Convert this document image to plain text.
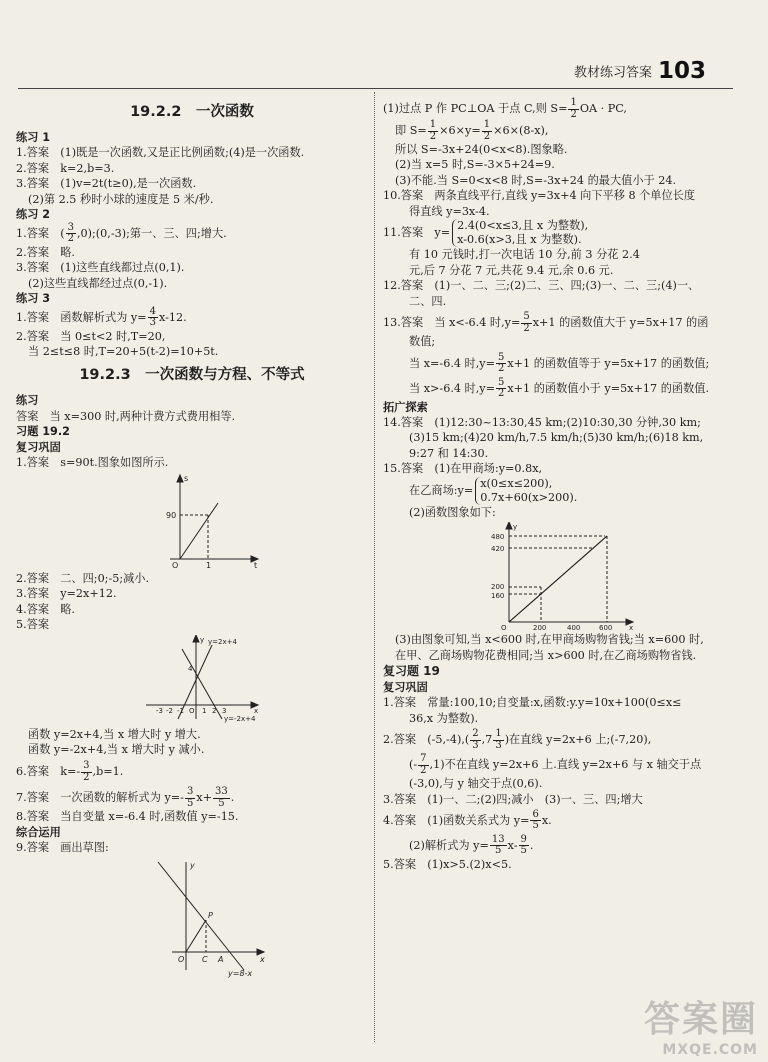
教材练习答案 103
19.2.2　一次函数

练习 1

1.答案　(1)既是一次函数,又是正比例函数;(4)是一次函数.

2.答案　k=2,b=3.

3.答案　(1)v=2t(t≥0),是一次函数.

(2)第 2.5 秒时小球的速度是 5 米/秒.

练习 2

1.答案　( $\frac{3}{2}$ ,0);(0,-3);第一、三、四;增大.

2.答案　略.

3.答案　(1)这些直线都过点(0,1).

(2)这些直线都经过点(0,-1).

练习 3

1.答案　函数解析式为 $y= \frac{4}{3} x-12$.

2.答案　当 0≤t<2 时,T=20,

当 2≤t≤8 时,T=20+5(t-2)=10+5t.

19.2.3　一次函数与方程、不等式

练习

答案　当 x=300 时,两种计费方式费用相等.

习题 19.2

复习巩固

1.答案　s=90t.图象如图所示.

90
O	1	t
s

2.答案　二、四;0;-5;减小.

3.答案　y=2x+12.

4.答案　略.

5.答案

y=2x+4
y=-2x+4
4
-3 -2 -1 O 1 2 3	x
y

函数 y=2x+4,当 x 增大时 y 增大.

函数 y=-2x+4,当 x 增大时 y 减小.

6.答案　$k=- \frac{3}{2} ,b=1$.

7.答案　一次函数的解析式为 $y=- \frac{3}{5} x+ \frac{33}{5}$ .

8.答案　当自变量 x=-6.4 时,函数值 y=-15.

综合运用

9.答案　画出草图:

P
O C A	x
y
y=8-x

(1)过点 P 作 PC⊥OA 于点 C,则 $S= \frac{1}{2}$ OA · PC,

即 $S= \frac{1}{2} \times 6\times y= \frac{1}{2} \times 6\times(8-x)$,

所以 S=-3x+24(0<x<8).图象略.

(2)当 x=5 时,S=-3×5+24=9.

(3)不能.当 S=0<x<8 时,S=-3x+24 的最大值小于 24.

10.答案　两条直线平行,直线 y=3x+4 向下平移 8 个单位长度

得直线 y=3x-4.

11.答案　 y=
2.4(0<x≤3,且 x 为整数),
x-0.6(x>3,且 x 为整数).

有 10 元钱时,打一次电话 10 分,前 3 分花 2.4

元,后 7 分花 7 元,共花 9.4 元,余 0.6 元.

12.答案　(1)一、二、三;(2)二、三、四;(3)一、二、三;(4)一、

二、四.

13.答案　当 x<-6.4 时$,y= \frac{5}{2} x+1$ 的函数值大于 y=5x+17 的函

数值;

当 x=-6.4 时$,y= \frac{5}{2} x+1$ 的函数值等于 y=5x+17 的函数值;

当 x>-6.4 时$,y= \frac{5}{2} x+1$ 的函数值小于 y=5x+17 的函数值.

拓广探索

14.答案　(1)12:30~13:30,45 km;(2)10:30,30 分钟,30 km;

(3)15 km;(4)20 km/h,7.5 km/h;(5)30 km/h;(6)18 km,

9:27 和 14:30.

15.答案　(1)在甲商场:y=0.8x,

在乙商场:y=
x(0≤x≤200),
0.7x+60(x>200).

(2)函数图象如下:

480
420
200
160
O	200	400	600 x
y

(3)由图象可知,当 x<600 时,在甲商场购物省钱;当 x=600 时,

在甲、乙商场购物花费相同;当 x>600 时,在乙商场购物省钱.

复习题 19

复习巩固

1.答案　常量:100,10;自变量:x,函数:y.y=10x+100(0≤x≤

36,x 为整数).

2.答案　$(-5,-4),( \frac{2}{3} ,7 \frac{1}{3}$ )在直线 y=2x+6 上;(-7,20),

(- $\frac{7}{2} ,1$)不在直线 y=2x+6 上.直线 y=2x+6 与 x 轴交于点

(-3,0),与 y 轴交于点(0,6).

3.答案　(1)一、二;(2)四;减小　(3)一、三、四;增大

4.答案　(1)函数关系式为 $y= \frac{6}{5} x$.

(2)解析式为 $y= \frac{13}{5} x- \frac{9}{5}$ .

5.答案　(1)x>5.(2)x<5.

答案圈
MXQE.COM
